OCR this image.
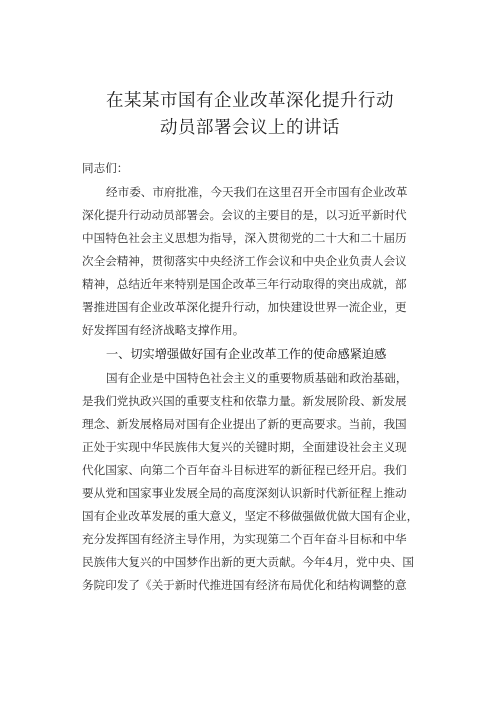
在某某市国有企业改革深化提升行动
动员部署会议上的讲话
同志们：
经市委、市府批准，今天我们在这里召开全市国有企业改革
深化提升行动动员部署会。会议的主要目的是，以习近平新时代
中国特色社会主义思想为指导，深入贯彻党的二十大和二十届历
次全会精神，贯彻落实中央经济工作会议和中央企业负责人会议
精神，总结近年来特别是国企改革三年行动取得的突出成就，部
署推进国有企业改革深化提升行动，加快建设世界一流企业，更
好发挥国有经济战略支撑作用。
一、切实增强做好国有企业改革工作的使命感紧迫感
国有企业是中国特色社会主义的重要物质基础和政治基础，
是我们党执政兴国的重要支柱和依靠力量。新发展阶段、新发展
理念、新发展格局对国有企业提出了新的更高要求。当前，我国
正处于实现中华民族伟大复兴的关键时期，全面建设社会主义现
代化国家、向第二个百年奋斗目标进军的新征程已经开启。我们
要从党和国家事业发展全局的高度深刻认识新时代新征程上推动
国有企业改革发展的重大意义，坚定不移做强做优做大国有企业，
充分发挥国有经济主导作用，为实现第二个百年奋斗目标和中华
民族伟大复兴的中国梦作出新的更大贡献。今年4月，党中央、国
务院印发了《关于新时代推进国有经济布局优化和结构调整的意
